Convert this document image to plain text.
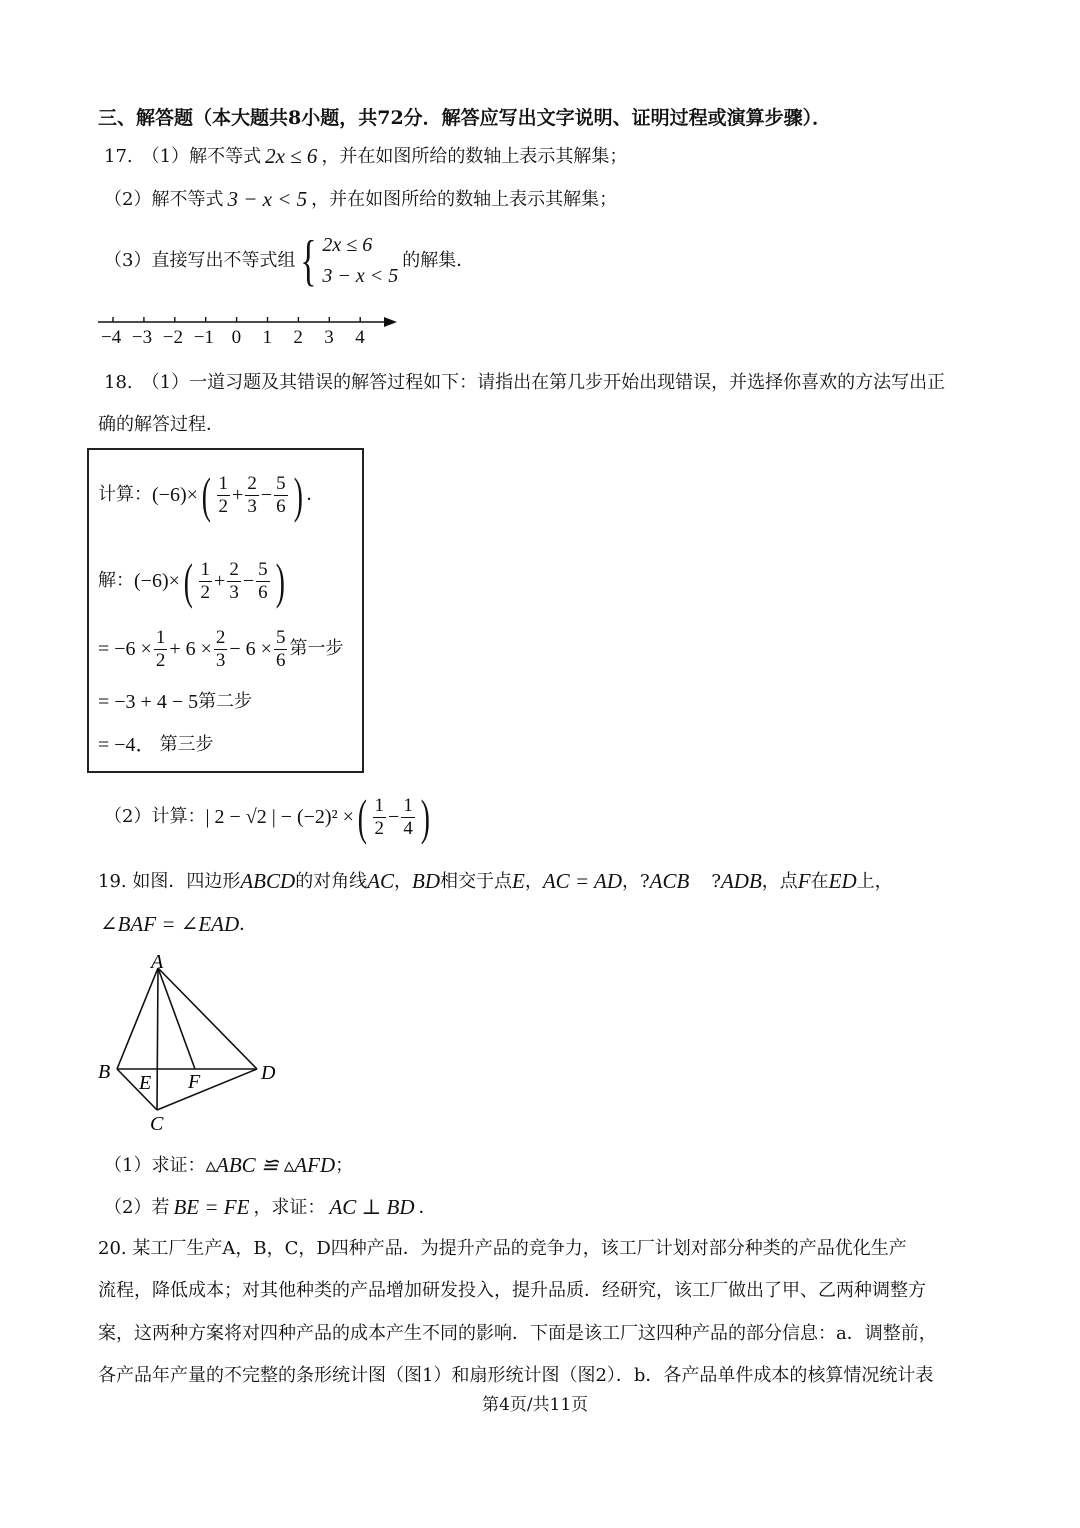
三、解答题（本大题共8小题，共72分．解答应写出文字说明、证明过程或演算步骤）．
17.　（1）解不等式 2x ≤ 6 ，并在如图所给的数轴上表示其解集；
（2）解不等式 3 − x < 5 ，并在如图所给的数轴上表示其解集；
（3）直接写出不等式组 { 2x ≤ 6
3 − x < 5
的解集．
−4 −3 −2 −1 0 1 2 3 4
18.　（1）一道习题及其错误的解答过程如下：请指出在第几步开始出现错误，并选择你喜欢的方法写出正
确的解答过程．
计算： (−6)× ( $\frac{1}{2} + \frac{2}{3} - \frac{5}{6}$ ) ．
解： (−6)× ( $\frac{1}{2} + \frac{2}{3} - \frac{5}{6}$ )
= $-6 \times \frac{1}{2} + 6 \times \frac{2}{3} - 6 \times \frac{5}{6}$ 第一步
= −3 + 4 − 5 第二步
= −4． 第三步
（2）计算： | 2 − √2 | − (−2)² × ( $\frac{1}{2} - \frac{1}{4}$ )
19. 如图．四边形 ABCD 的对角线 AC ， BD 相交于点 E ， AC = AD ，? ACB ? ADB ，点 F 在 ED 上，
∠BAF = ∠EAD ．
A
B
C
D
E F
（1）求证： ▵ABC ≌ ▵AFD ；
（2）若 BE = FE ，求证： AC ⊥ BD ．
20. 某工厂生产A，B，C，D四种产品．为提升产品的竞争力，该工厂计划对部分种类的产品优化生产
流程，降低成本；对其他种类的产品增加研发投入，提升品质．经研究，该工厂做出了甲、乙两种调整方
案，这两种方案将对四种产品的成本产生不同的影响．下面是该工厂这四种产品的部分信息：a．调整前，
各产品年产量的不完整的条形统计图（图1）和扇形统计图（图2）．b．各产品单件成本的核算情况统计表
第4页/共11页
